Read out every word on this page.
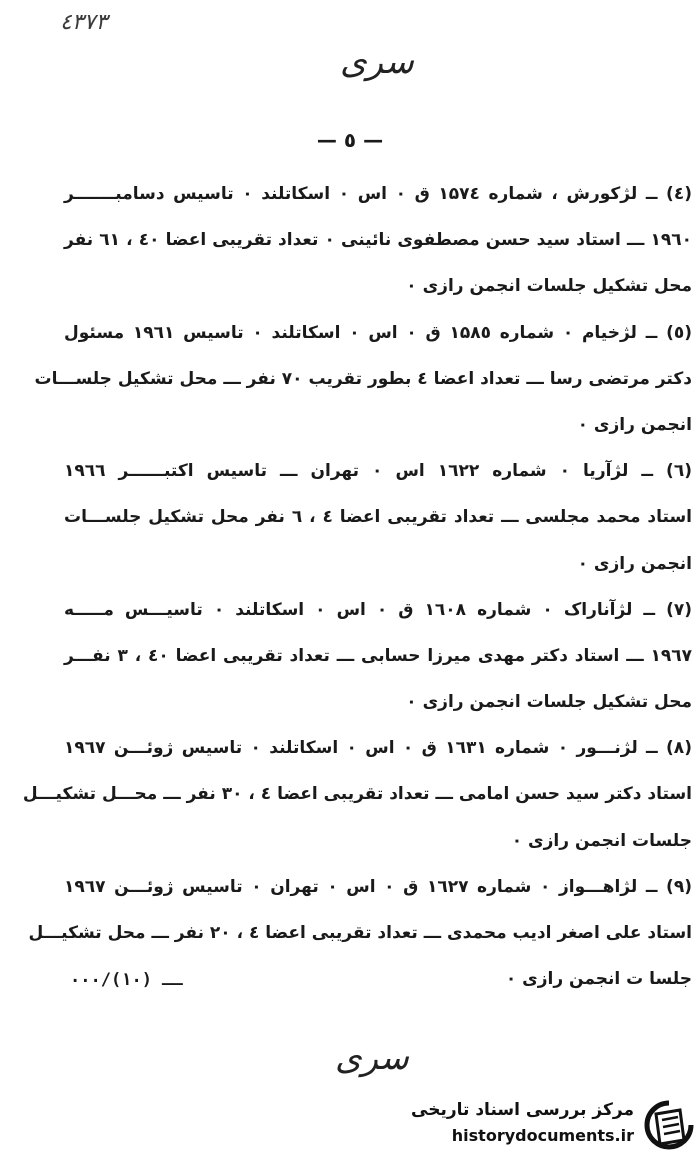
٤٣٧٣
سری
— ٥ —
(٤) ــ لژکورش ، شماره ۱۵۷٤ ق ۰ اس ۰ اسکاتلند ۰ تاسیس دسامبـــــــر
۱۹٦۰ ـــ استاد سید حسن مصطفوی نائینی ۰ تعداد تقریبی اعضا ٤٠ ، ٦١ نفر
محل تشکیل جلسات انجمن رازی ۰
(٥) ــ لژخیام ۰ شماره ۱۵۸٥ ق ۰ اس ۰ اسکاتلند ۰ تاسیس ۱۹٦۱ مسئول
دکتر مرتضی رسا ـــ تعداد اعضا ٤ بطور تقریب ۷۰ نفر ـــ محل تشکیل جلســـات
انجمن رازی ۰
(٦) ــ لژآریا ۰ شماره ۱٦۲۲ اس ۰ تهران ـــ تاسیس اکتبــــــر ۱۹٦٦
استاد محمد مجلسی ـــ تعداد تقریبی اعضا ٤ ، ٦ نفر محل تشکیل جلســـات
انجمن رازی ۰
(۷) ــ لژآناراک ۰ شماره ۱٦۰۸ ق ۰ اس ۰ اسکاتلند ۰ تاسیـــس مـــــه
۱۹٦۷ ـــ استاد دکتر مهدی میرزا حسابی ـــ تعداد تقریبی اعضا ٤٠ ، ۳ نفـــر
محل تشکیل جلسات انجمن رازی ۰
(۸) ــ لژنـــور ۰ شماره ۱٦۳۱ ق ۰ اس ۰ اسکاتلند ۰ تاسیس ژوئـــن ۱۹٦۷
استاد دکتر سید حسن امامی ـــ تعداد تقریبی اعضا ٤ ، ۳۰ نفر ـــ محـــل تشکیـــل
جلسات انجمن رازی ۰
(۹) ــ لژاهـــواز ۰ شماره ۱٦۲۷ ق ۰ اس ۰ تهران ۰ تاسیس ژوئـــن ۱۹٦۷
استاد علی اصغر ادیب محمدی ـــ تعداد تقریبی اعضا ٤ ، ۲۰ نفر ـــ محل تشکیـــل
جلسا ت انجمن رازی ۰
۰۰۰/ــ (۱۰)
سری
مرکز بررسی اسناد تاریخی
historydocuments.ir
